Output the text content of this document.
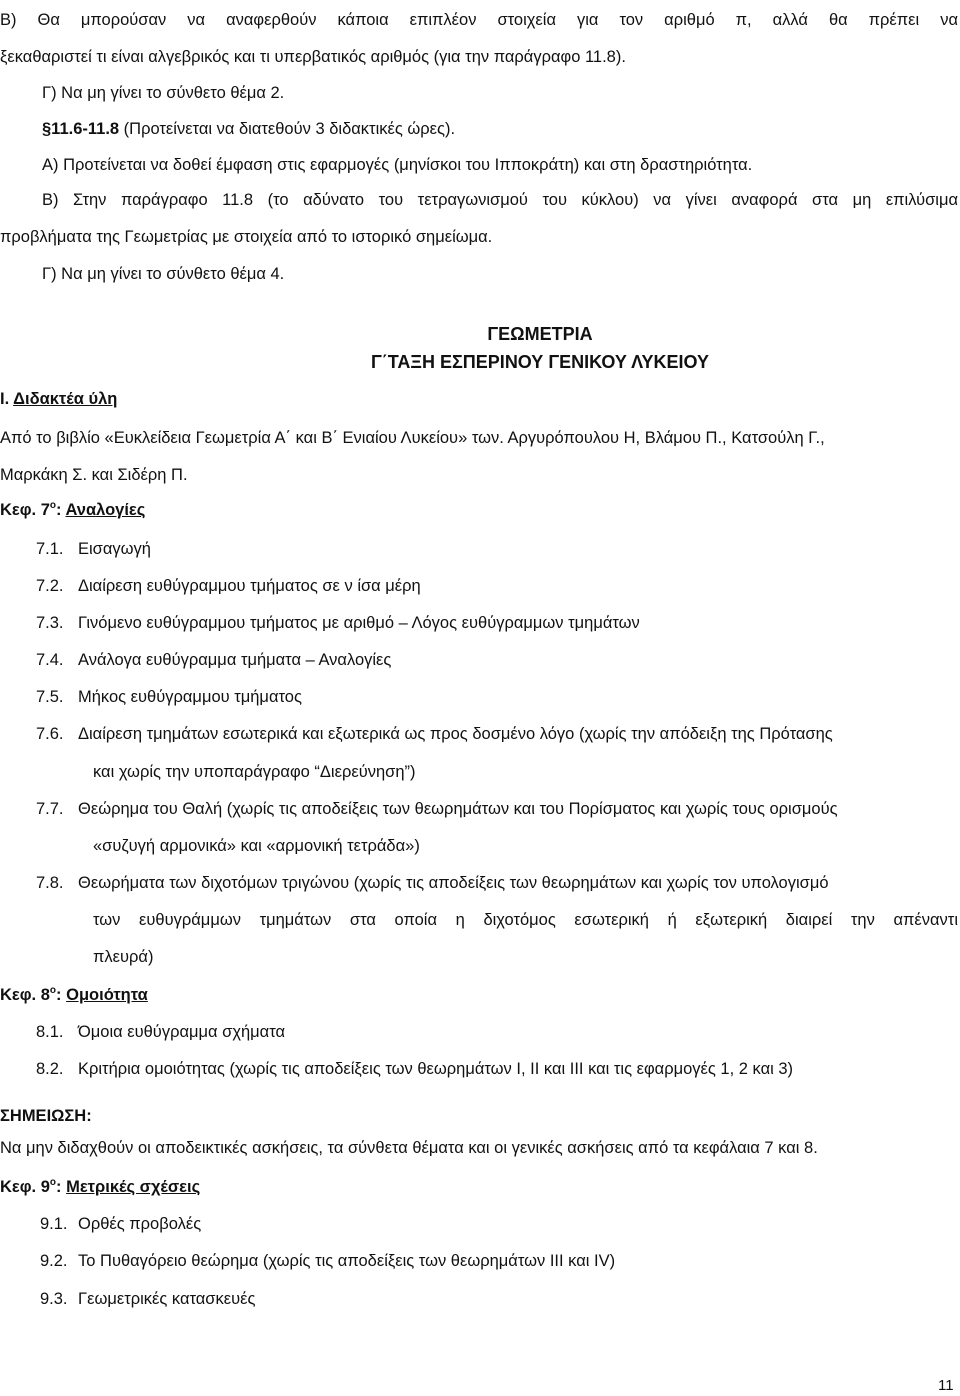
Β) Θα μπορούσαν να αναφερθούν κάποια επιπλέον στοιχεία για τον αριθμό π, αλλά θα πρέπει να
ξεκαθαριστεί τι είναι αλγεβρικός και τι υπερβατικός αριθμός (για την παράγραφο 11.8).
Γ) Να μη γίνει το σύνθετο θέμα 2.
§11.6-11.8 (Προτείνεται να διατεθούν 3 διδακτικές ώρες).
Α) Προτείνεται να δοθεί έμφαση στις εφαρμογές (μηνίσκοι του Ιπποκράτη) και στη δραστηριότητα.
Β) Στην παράγραφο 11.8 (το αδύνατο του τετραγωνισμού του κύκλου) να γίνει αναφορά στα μη επιλύσιμα
προβλήματα της Γεωμετρίας με στοιχεία από το ιστορικό σημείωμα.
Γ) Να μη γίνει το σύνθετο θέμα 4.
ΓΕΩΜΕΤΡΙΑ
Γ΄ΤΑΞΗ ΕΣΠΕΡΙΝΟΥ ΓΕΝΙΚΟΥ ΛΥΚΕΙΟΥ
Ι. Διδακτέα ύλη
Από το βιβλίο «Ευκλείδεια Γεωμετρία Α΄ και Β΄ Ενιαίου Λυκείου» των. Αργυρόπουλου Η, Βλάμου Π., Κατσούλη Γ.,
Μαρκάκη Σ. και Σιδέρη Π.
Κεφ. $7^o$: Αναλογίες
7.1. Εισαγωγή
7.2. Διαίρεση ευθύγραμμου τμήματος σε ν ίσα μέρη
7.3. Γινόμενο ευθύγραμμου τμήματος με αριθμό – Λόγος ευθύγραμμων τμημάτων
7.4. Ανάλογα ευθύγραμμα τμήματα – Αναλογίες
7.5. Μήκος ευθύγραμμου τμήματος
7.6. Διαίρεση τμημάτων εσωτερικά και εξωτερικά ως προς δοσμένο λόγο (χωρίς την απόδειξη της Πρότασης
και χωρίς την υποπαράγραφο “Διερεύνηση”)
7.7. Θεώρημα του Θαλή (χωρίς τις αποδείξεις των θεωρημάτων και του Πορίσματος και χωρίς τους ορισμούς
«συζυγή αρμονικά» και «αρμονική τετράδα»)
7.8. Θεωρήματα των διχοτόμων τριγώνου (χωρίς τις αποδείξεις των θεωρημάτων και χωρίς τον υπολογισμό
των ευθυγράμμων τμημάτων στα οποία η διχοτόμος εσωτερική ή εξωτερική διαιρεί την απέναντι
πλευρά)
Κεφ. $8^o$: Ομοιότητα
8.1. Όμοια ευθύγραμμα σχήματα
8.2. Κριτήρια ομοιότητας (χωρίς τις αποδείξεις των θεωρημάτων I, II και III και τις εφαρμογές 1, 2 και 3)
ΣΗΜΕΙΩΣΗ:
Να μην διδαχθούν οι αποδεικτικές ασκήσεις, τα σύνθετα θέματα και οι γενικές ασκήσεις από τα κεφάλαια 7 και 8.
Κεφ. $9^o$: Μετρικές σχέσεις
9.1. Ορθές προβολές
9.2. Το Πυθαγόρειο θεώρημα (χωρίς τις αποδείξεις των θεωρημάτων III και IV)
9.3. Γεωμετρικές κατασκευές
11
